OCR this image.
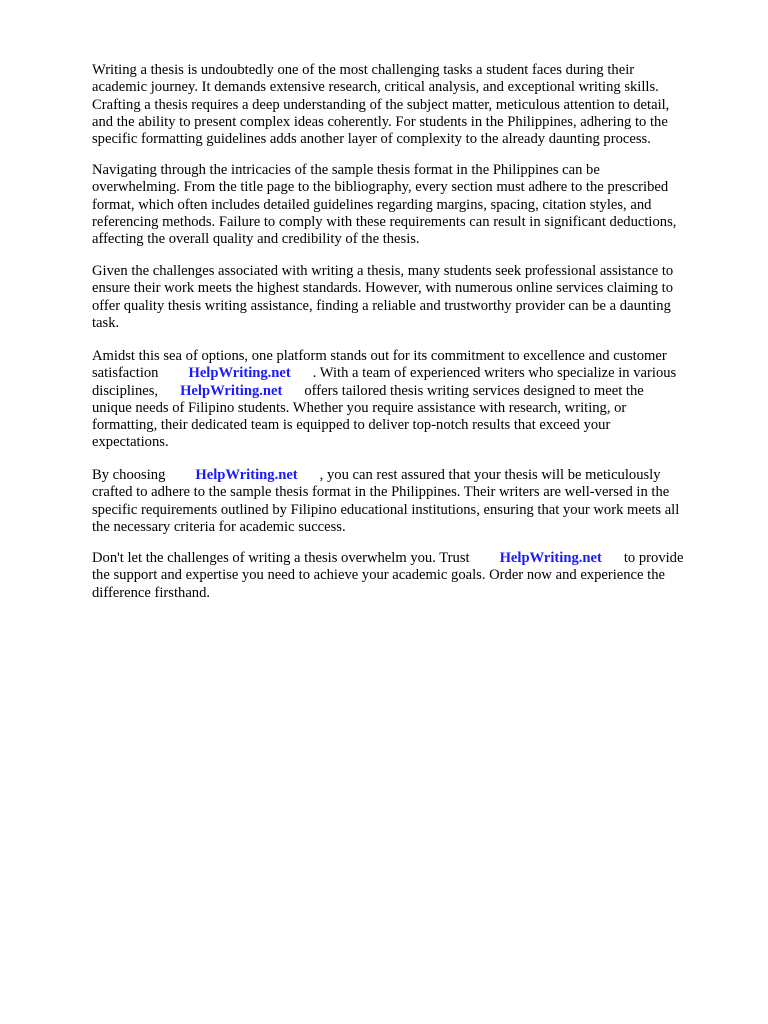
Writing a thesis is undoubtedly one of the most challenging tasks a student faces during their
academic journey. It demands extensive research, critical analysis, and exceptional writing skills.
Crafting a thesis requires a deep understanding of the subject matter, meticulous attention to detail,
and the ability to present complex ideas coherently. For students in the Philippines, adhering to the
specific formatting guidelines adds another layer of complexity to the already daunting process.

Navigating through the intricacies of the sample thesis format in the Philippines can be
overwhelming. From the title page to the bibliography, every section must adhere to the prescribed
format, which often includes detailed guidelines regarding margins, spacing, citation styles, and
referencing methods. Failure to comply with these requirements can result in significant deductions,
affecting the overall quality and credibility of the thesis.

Given the challenges associated with writing a thesis, many students seek professional assistance to
ensure their work meets the highest standards. However, with numerous online services claiming to
offer quality thesis writing assistance, finding a reliable and trustworthy provider can be a daunting
task.

Amidst this sea of options, one platform stands out for its commitment to excellence and customer
satisfaction HelpWriting.net . With a team of experienced writers who specialize in various
disciplines, HelpWriting.net offers tailored thesis writing services designed to meet the
unique needs of Filipino students. Whether you require assistance with research, writing, or
formatting, their dedicated team is equipped to deliver top-notch results that exceed your
expectations.

By choosing HelpWriting.net , you can rest assured that your thesis will be meticulously
crafted to adhere to the sample thesis format in the Philippines. Their writers are well-versed in the
specific requirements outlined by Filipino educational institutions, ensuring that your work meets all
the necessary criteria for academic success.

Don't let the challenges of writing a thesis overwhelm you. Trust HelpWriting.net to provide
the support and expertise you need to achieve your academic goals. Order now and experience the
difference firsthand.
